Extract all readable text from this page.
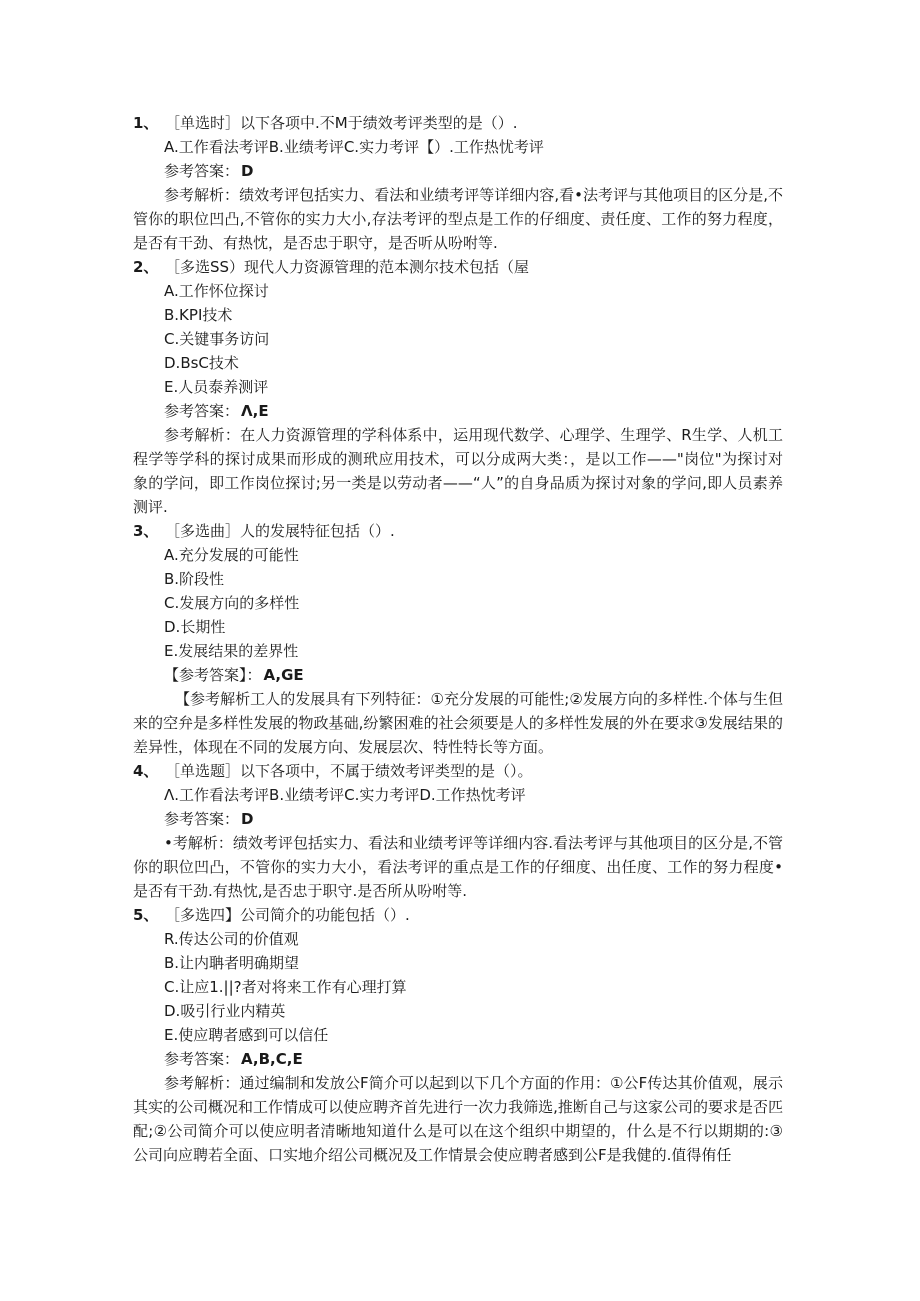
1、 ［单选时］以下各项中.不M于绩效考评类型的是（）.
A.工作看法考评B.业绩考评C.实力考评【）.工作热忧考评
参考答案： D
参考解析：绩效考评包括实力、看法和业绩考评等详细内容,看•法考评与其他项目的区分是,不管你的职位凹凸,不管你的实力大小,存法考评的型点是工作的仔细度、责任度、工作的努力程度，是否有干劲、有热忱，是否忠于职守，是否听从吩咐等.
2、 ［多选SS）现代人力资源管理的范本测尔技术包括（屋
A.工作怀位探讨
B.KPI技术
C.关键事务访问
D.BsC技术
E.人员泰养测评
参考答案： Λ,E
参考解析：在人力资源管理的学科体系中，运用现代数学、心理学、生理学、R生学、人机工程学等学科的探讨成果而形成的测玳应用技术，可以分成两大类：，是以工作——"岗位"为探讨对象的学问，即工作岗位探讨;另一类是以劳动者——“人”的自身品质为探讨对象的学问,即人员素养测评.
3、 ［多选曲］人的发展特征包括（）.
A.充分发展的可能性
B.阶段性
C.发展方向的多样性
D.长期性
E.发展结果的差界性
【参考答案】： A,GE
【参考解析工人的发展具有下列特征：①充分发展的可能性;②发展方向的多样性.个体与生但来的空弁是多样性发展的物政基础,纷繁困难的社会须要是人的多样性发展的外在要求③发展结果的差异性，体现在不同的发展方向、发展层次、特性特长等方面。
4、 ［单选题］以下各项中，不属于绩效考评类型的是（）。
Λ.工作看法考评B.业绩考评C.实力考评D.工作热忱考评
参考答案： D
•考解析：绩效考评包括实力、看法和业绩考评等详细内容.看法考评与其他项目的区分是,不管你的职位凹凸，不管你的实力大小，看法考评的重点是工作的仔细度、出任度、工作的努力程度•是否有干劲.有热忱,是否忠于职守.是否所从吩咐等.
5、 ［多选四】公司简介的功能包括（）.
R.传达公司的价值观
B.让内聃者明确期望
C.让应1.||?者对将来工作有心理打算
D.吸引行业内精英
E.使应聘者感到可以信任
参考答案： A,B,C,E
参考解析：通过编制和发放公F简介可以起到以下几个方面的作用：①公F传达其价值观，展示其实的公司概况和工作情成可以使应聘齐首先进行一次力我筛选,推断自己与这家公司的要求是否匹配;②公司简介可以使应明者清晰地知道什么是可以在这个组织中期望的，什么是不行以期期的:③公司向应聘若全面、口实地介绍公司概况及工作情景会使应聘者感到公F是我健的.值得侑任
